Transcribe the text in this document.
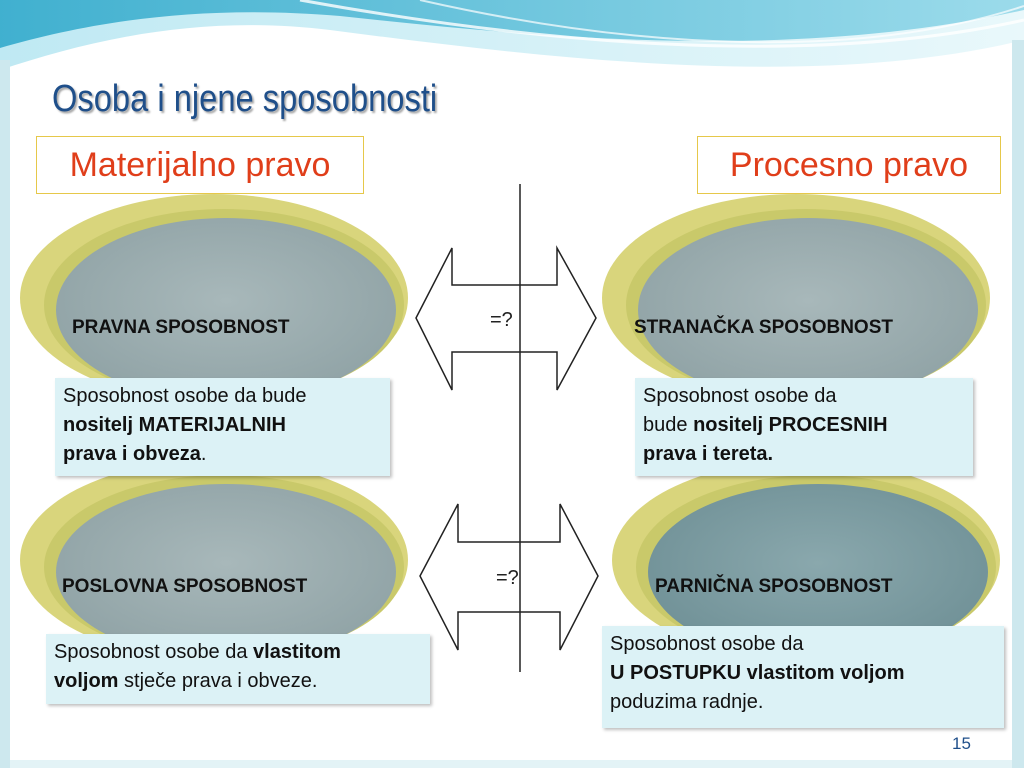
Osoba i njene sposobnosti
Materijalno pravo	Procesno pravo
PRAVNA SPOSOBNOST	STRANAČKA SPOSOBNOST
POSLOVNA SPOSOBNOST	PARNIČNA SPOSOBNOST
=?
=?
Sposobnost osobe da bude
nositelj MATERIJALNIH
prava i obveza.
Sposobnost osobe da
bude nositelj PROCESNIH
prava i tereta.
Sposobnost osobe da vlastitom
voljom stječe prava i obveze.
Sposobnost osobe da
U POSTUPKU vlastitom voljom
poduzima radnje.
15
